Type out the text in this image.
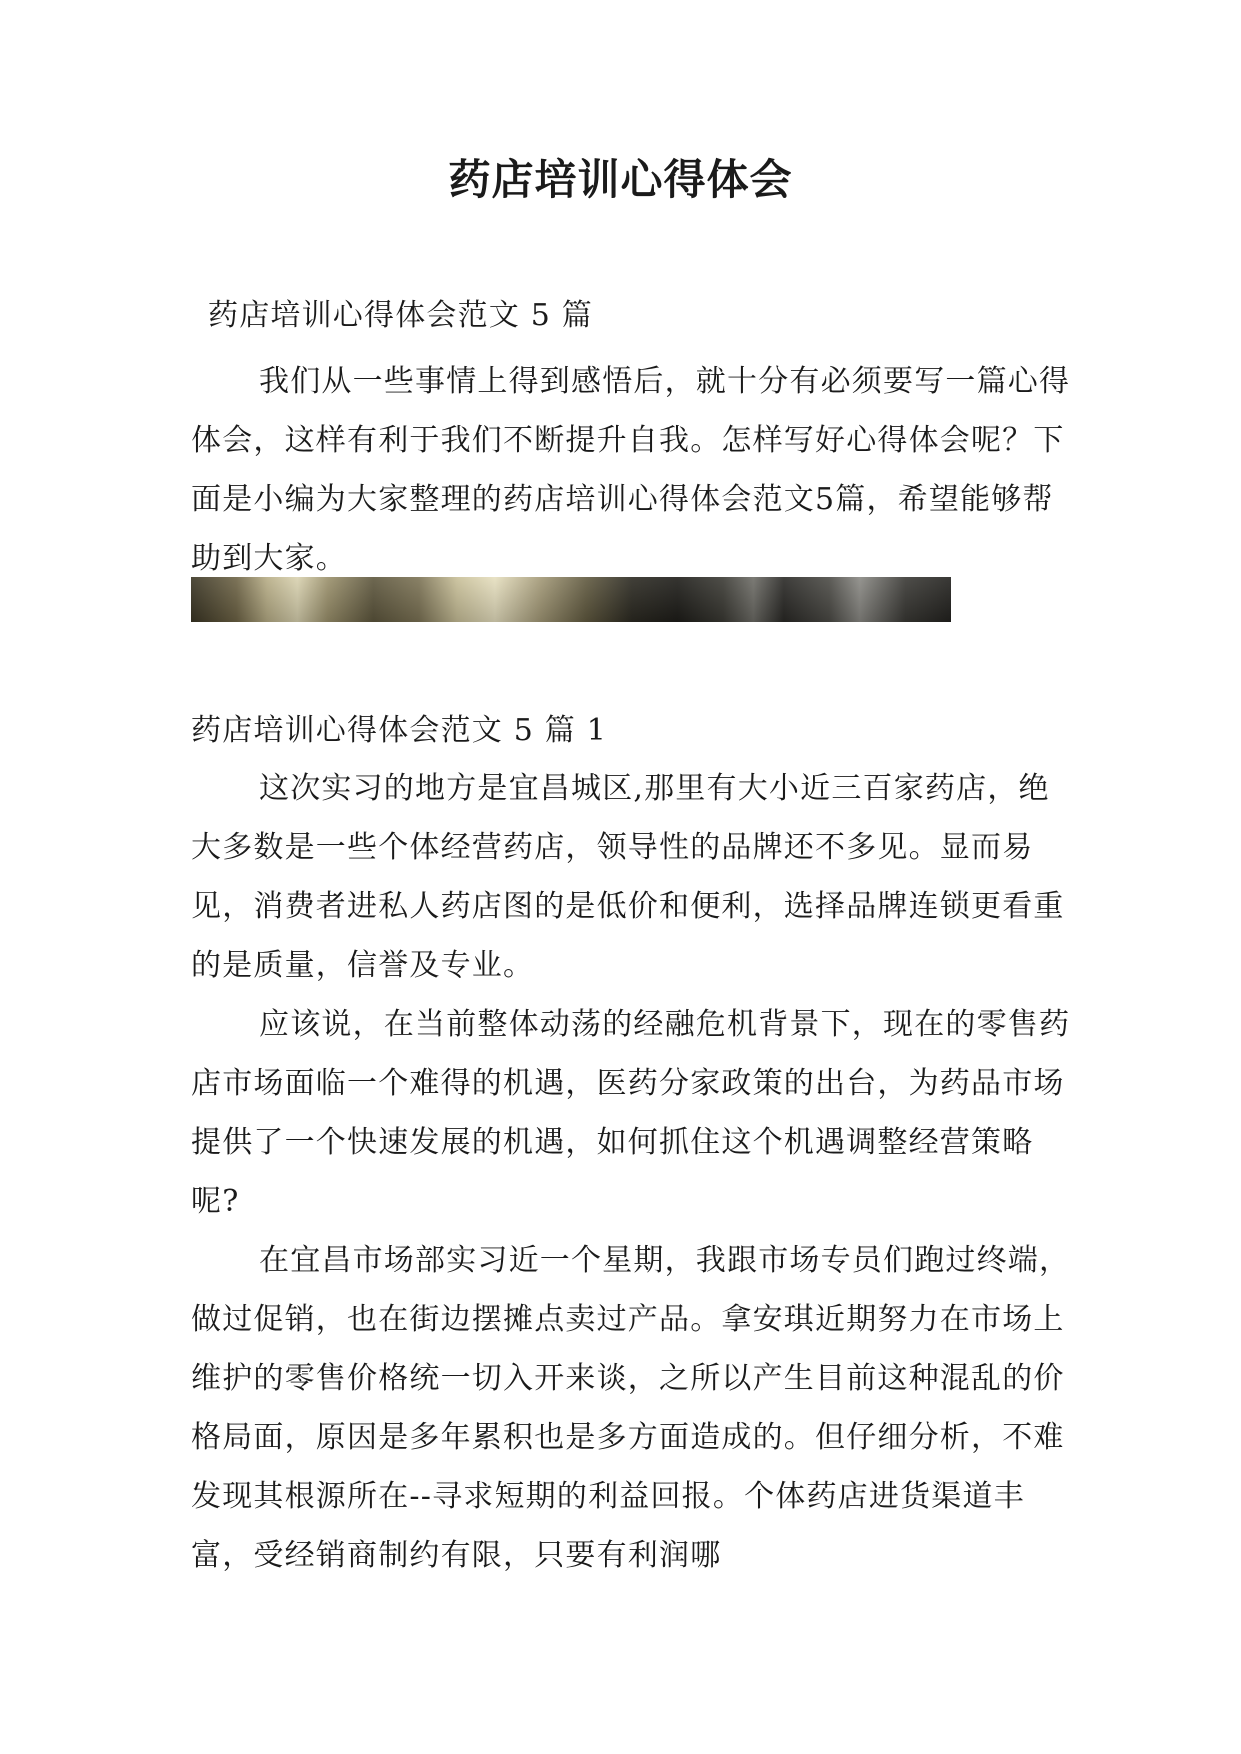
药店培训心得体会

药店培训心得体会范文 5 篇

我们从一些事情上得到感悟后，就十分有必须要写一篇心得体会，这样有利于我们不断提升自我。怎样写好心得体会呢？下面是小编为大家整理的药店培训心得体会范文5篇，希望能够帮助到大家。

药店培训心得体会范文 5 篇 1

这次实习的地方是宜昌城区,那里有大小近三百家药店，绝大多数是一些个体经营药店，领导性的品牌还不多见。显而易见，消费者进私人药店图的是低价和便利，选择品牌连锁更看重的是质量，信誉及专业。

应该说，在当前整体动荡的经融危机背景下，现在的零售药店市场面临一个难得的机遇，医药分家政策的出台，为药品市场提供了一个快速发展的机遇，如何抓住这个机遇调整经营策略呢?

在宜昌市场部实习近一个星期，我跟市场专员们跑过终端，做过促销，也在街边摆摊点卖过产品。拿安琪近期努力在市场上维护的零售价格统一切入开来谈，之所以产生目前这种混乱的价格局面，原因是多年累积也是多方面造成的。但仔细分析，不难发现其根源所在--寻求短期的利益回报。个体药店进货渠道丰富，受经销商制约有限，只要有利润哪
